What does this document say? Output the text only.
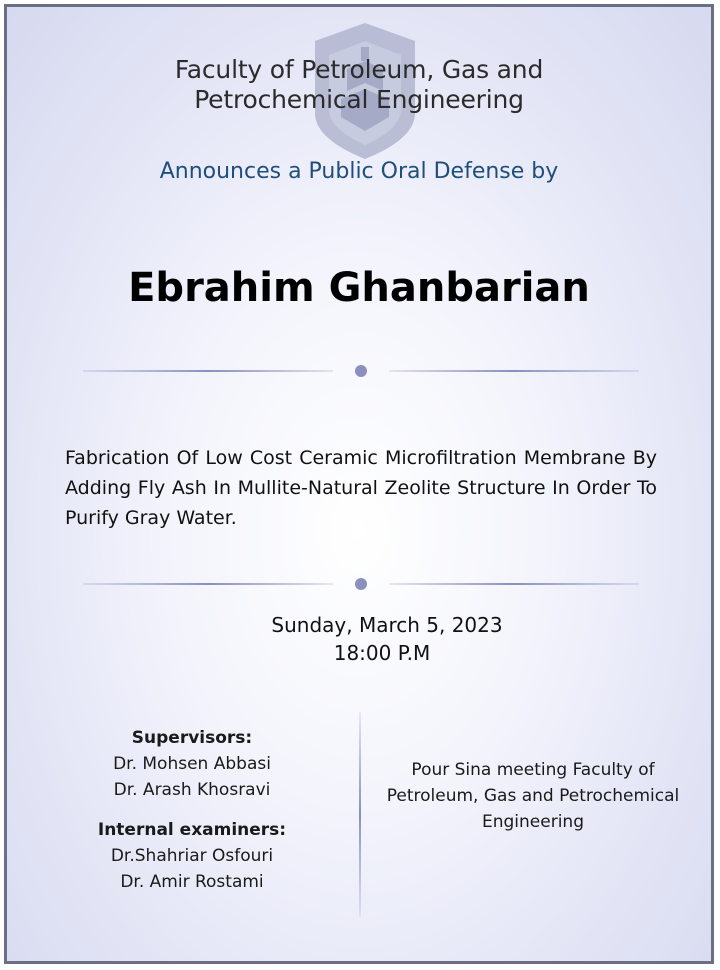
Faculty of Petroleum, Gas and
Petrochemical Engineering
Announces a Public Oral Defense by
Ebrahim Ghanbarian
Fabrication Of Low Cost Ceramic Microfiltration Membrane By Adding Fly Ash In Mullite-Natural Zeolite Structure In Order To Purify Gray Water.
Sunday, March 5, 2023
18:00 P.M
Supervisors:
Dr. Mohsen Abbasi
Dr. Arash Khosravi
Internal examiners:
Dr.Shahriar Osfouri
Dr. Amir Rostami
Pour Sina meeting Faculty of
Petroleum, Gas and Petrochemical
Engineering
